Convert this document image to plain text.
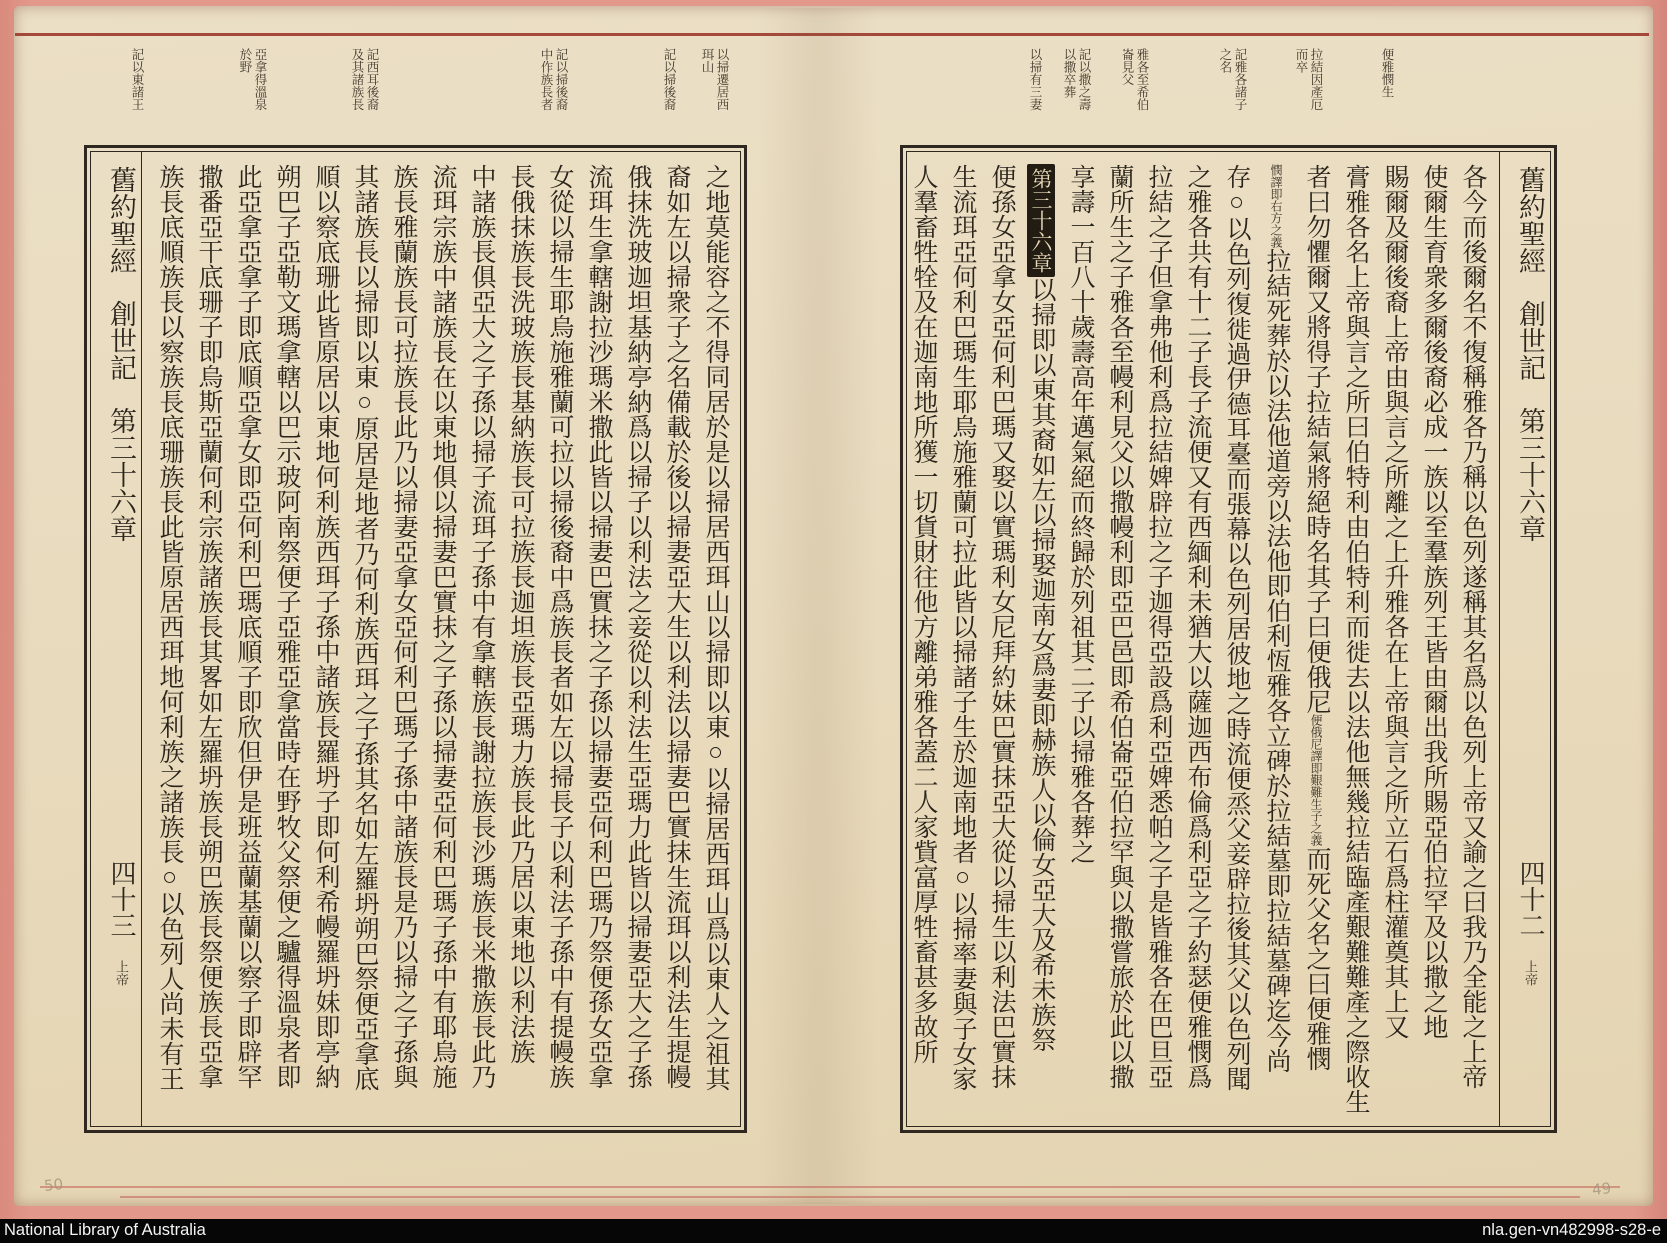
舊約聖經創世記第三十六章四十二上帝
各今而後爾名不復稱雅各乃稱以色列遂稱其名爲以色列上帝又諭之曰我乃全能之上帝
使爾生育衆多爾後裔必成一族以至羣族列王皆由爾出我所賜亞伯拉罕及以撒之地
賜爾及爾後裔上帝由與言之所離之上升雅各在上帝與言之所立石爲柱灌奠其上又
膏雅各名上帝與言之所曰伯特利由伯特利而徙去以法他無幾拉結臨產艱難難產之際收生
者曰勿懼爾又將得子拉結氣將絕時名其子曰便俄尼便俄尼譯即艱難生子之義而死父名之曰便雅憫
憫譯即右方之義拉結死葬於以法他道旁以法他即伯利恆雅各立碑於拉結墓即拉結墓碑迄今尚
存○以色列復徙過伊德耳臺而張幕以色列居彼地之時流便烝父妾辟拉後其父以色列聞
之雅各共有十二子長子流便又有西緬利未猶大以薩迦西布倫爲利亞之子約瑟便雅憫爲
拉結之子但拿弗他利爲拉結婢辟拉之子迦得亞設爲利亞婢悉帕之子是皆雅各在巴旦亞
蘭所生之子雅各至幔利見父以撒幔利即亞巴邑即希伯崙亞伯拉罕與以撒嘗旅於此以撒
享壽一百八十歲壽高年邁氣絕而終歸於列祖其二子以掃雅各葬之
第三十六章以掃即以東其裔如左以掃娶迦南女爲妻即赫族人以倫女亞大及希未族祭
便孫女亞拿女亞何利巴瑪又娶以實瑪利女尼拜約妹巴實抹亞大從以掃生以利法巴實抹
生流珥亞何利巴瑪生耶烏施雅蘭可拉此皆以掃諸子生於迦南地者○以掃率妻與子女家
人羣畜牲牷及在迦南地所獲一切貨財往他方離弟雅各蓋二人家貲富厚牲畜甚多故所
舊約聖經創世記第三十六章四十三上帝	之地莫能容之不得同居於是以掃居西珥山以掃即以東○以掃居西珥山爲以東人之祖其
裔如左以掃衆子之名備載於後以掃妻亞大生以利法以掃妻巴實抹生流珥以利法生提幔
俄抹洗玻迦坦基納亭納爲以掃子以利法之妾從以利法生亞瑪力此皆以掃妻亞大之子孫
流珥生拿轄謝拉沙瑪米撒此皆以掃妻巴實抹之子孫以掃妻亞何利巴瑪乃祭便孫女亞拿
女從以掃生耶烏施雅蘭可拉以掃後裔中爲族長者如左以掃長子以利法子孫中有提幔族
長俄抹族長洗玻族長基納族長可拉族長迦坦族長亞瑪力族長此乃居以東地以利法族
中諸族長俱亞大之子孫以掃子流珥子孫中有拿轄族長謝拉族長沙瑪族長米撒族長此乃
流珥宗族中諸族長在以東地俱以掃妻巴實抹之子孫以掃妻亞何利巴瑪子孫中有耶烏施
族長雅蘭族長可拉族長此乃以掃妻亞拿女亞何利巴瑪子孫中諸族長是乃以掃之子孫與
其諸族長以掃即以東○原居是地者乃何利族西珥之子孫其名如左羅坍朔巴祭便亞拿底
順以察底珊此皆原居以東地何利族西珥子孫中諸族長羅坍子即何利希幔羅坍妹即亭納
朔巴子亞勒文瑪拿轄以巴示玻阿南祭便子亞雅亞拿當時在野牧父祭便之驢得溫泉者即
此亞拿亞拿子即底順亞拿女即亞何利巴瑪底順子即欣但伊是班益蘭基蘭以察子即辟罕
撒番亞干底珊子即烏斯亞蘭何利宗族諸族長其畧如左羅坍族長朔巴族長祭便族長亞拿
族長底順族長以察族長底珊族長此皆原居西珥地何利族之諸族長○以色列人尚未有王
便雅憫生
拉結因產厄
而卒
記雅各諸子
之名
雅各至希伯
崙見父
記以撒之壽
以撒卒葬
以掃有三妻
以掃遷居西
珥山
記以掃後裔
記以掃後裔
中作族長者
記西耳後裔
及其諸族長
亞拿得溫泉
於野
記以東諸王
50	49
National Library of Australia	nla.gen-vn482998-s28-e
